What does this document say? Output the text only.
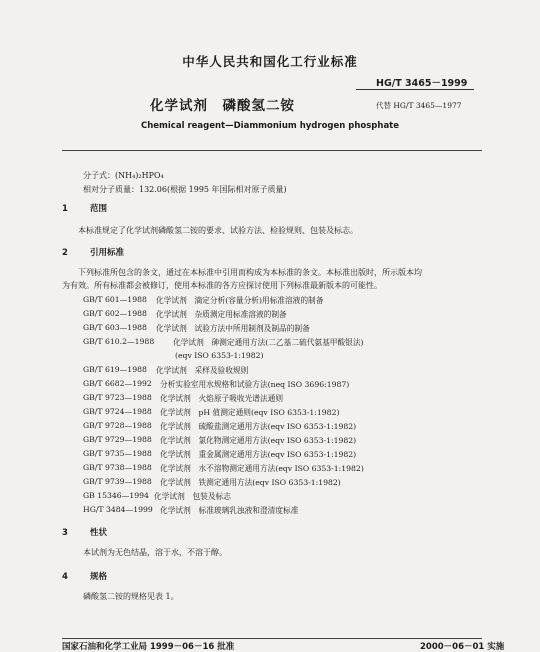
中华人民共和国化工行业标准
HG/T 3465－1999
化学试剂　磷酸氢二铵	代替 HG/T 3465—1977
Chemical reagent—Diammonium hydrogen phosphate
分子式：(NH₄)₂HPO₄
相对分子质量：132.06(根据 1995 年国际相对原子质量)
1	范围
本标准规定了化学试剂磷酸氢二铵的要求、试验方法、检验规则、包装及标志。
2	引用标准
下列标准所包含的条文，通过在本标准中引用而构成为本标准的条文。本标准出版时，所示版本均
为有效。所有标准都会被修订，使用本标准的各方应探讨使用下列标准最新版本的可能性。
GB/T 601—1988 化学试剂　滴定分析(容量分析)用标准溶液的制备
GB/T 602—1988 化学试剂　杂质测定用标准溶液的制备
GB/T 603—1988 化学试剂　试验方法中所用制剂及制品的制备
GB/T 610.2—1988 化学试剂　砷测定通用方法(二乙基二硫代氨基甲酸银法)
(eqv ISO 6353-1:1982)
GB/T 619—1988 化学试剂　采样及验收规则
GB/T 6682—1992 分析实验室用水规格和试验方法(neq ISO 3696:1987)
GB/T 9723—1988 化学试剂　火焰原子吸收光谱法通则
GB/T 9724—1988 化学试剂　pH 值测定通则(eqv ISO 6353-1:1982)
GB/T 9728—1988 化学试剂　硫酸盐测定通用方法(eqv ISO 6353-1:1982)
GB/T 9729—1988 化学试剂　氯化物测定通用方法(eqv ISO 6353-1:1982)
GB/T 9735—1988 化学试剂　重金属测定通用方法(eqv ISO 6353-1:1982)
GB/T 9738—1988 化学试剂　水不溶物测定通用方法(eqv ISO 6353-1:1982)
GB/T 9739—1988 化学试剂　铁测定通用方法(eqv ISO 6353-1:1982)
GB 15346—1994 化学试剂　包装及标志
HG/T 3484—1999 化学试剂　标准玻璃乳浊液和澄清度标准
3	性状
本试剂为无色结晶，溶于水，不溶于醇。
4	规格
磷酸氢二铵的规格见表 1。
国家石油和化学工业局 1999－06－16 批准	2000－06－01 实施
